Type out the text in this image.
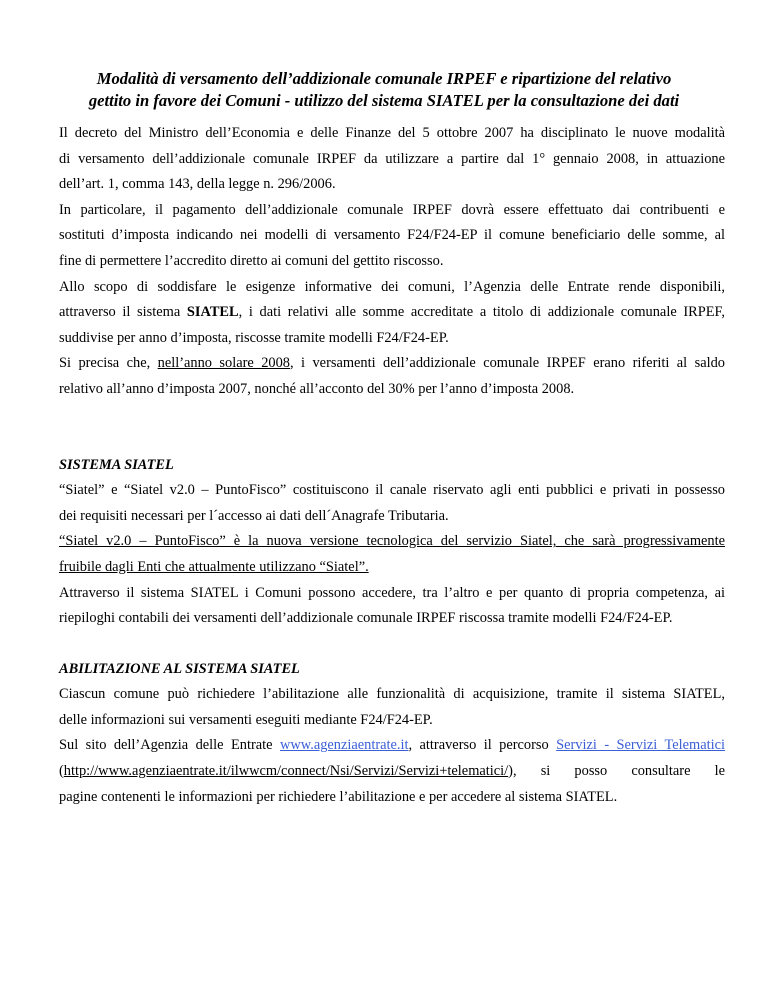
Modalità di versamento dell’addizionale comunale IRPEF e ripartizione del relativo
gettito in favore dei Comuni - utilizzo del sistema SIATEL per la consultazione dei dati
Il decreto del Ministro dell’Economia e delle Finanze del 5 ottobre 2007 ha disciplinato le nuove modalità
di versamento dell’addizionale comunale IRPEF da utilizzare a partire dal 1° gennaio 2008, in attuazione
dell’art. 1, comma 143, della legge n. 296/2006.
In particolare, il pagamento dell’addizionale comunale IRPEF dovrà essere effettuato dai contribuenti e
sostituti d’imposta indicando nei modelli di versamento F24/F24-EP il comune beneficiario delle somme, al
fine di permettere l’accredito diretto ai comuni del gettito riscosso.
Allo scopo di soddisfare le esigenze informative dei comuni, l’Agenzia delle Entrate rende disponibili,
attraverso il sistema SIATEL, i dati relativi alle somme accreditate a titolo di addizionale comunale IRPEF,
suddivise per anno d’imposta, riscosse tramite modelli F24/F24-EP.
Si precisa che, nell’anno solare 2008, i versamenti dell’addizionale comunale IRPEF erano riferiti al saldo
relativo all’anno d’imposta 2007, nonché all’acconto del 30% per l’anno d’imposta 2008.

SISTEMA SIATEL

“Siatel” e “Siatel v2.0 – PuntoFisco” costituiscono il canale riservato agli enti pubblici e privati in possesso
dei requisiti necessari per l´accesso ai dati dell´Anagrafe Tributaria.
“Siatel v2.0 – PuntoFisco” è la nuova versione tecnologica del servizio Siatel, che sarà progressivamente
fruibile dagli Enti che attualmente utilizzano “Siatel”.
Attraverso il sistema SIATEL i Comuni possono accedere, tra l’altro e per quanto di propria competenza, ai
riepiloghi contabili dei versamenti dell’addizionale comunale IRPEF riscossa tramite modelli F24/F24-EP.

ABILITAZIONE AL SISTEMA SIATEL

Ciascun comune può richiedere l’abilitazione alle funzionalità di acquisizione, tramite il sistema SIATEL,
delle informazioni sui versamenti eseguiti mediante F24/F24-EP.
Sul sito dell’Agenzia delle Entrate www.agenziaentrate.it, attraverso il percorso Servizi - Servizi Telematici
(http://www.agenziaentrate.it/ilwwcm/connect/Nsi/Servizi/Servizi+telematici/), si posso consultare le
pagine contenenti le informazioni per richiedere l’abilitazione e per accedere al sistema SIATEL.
